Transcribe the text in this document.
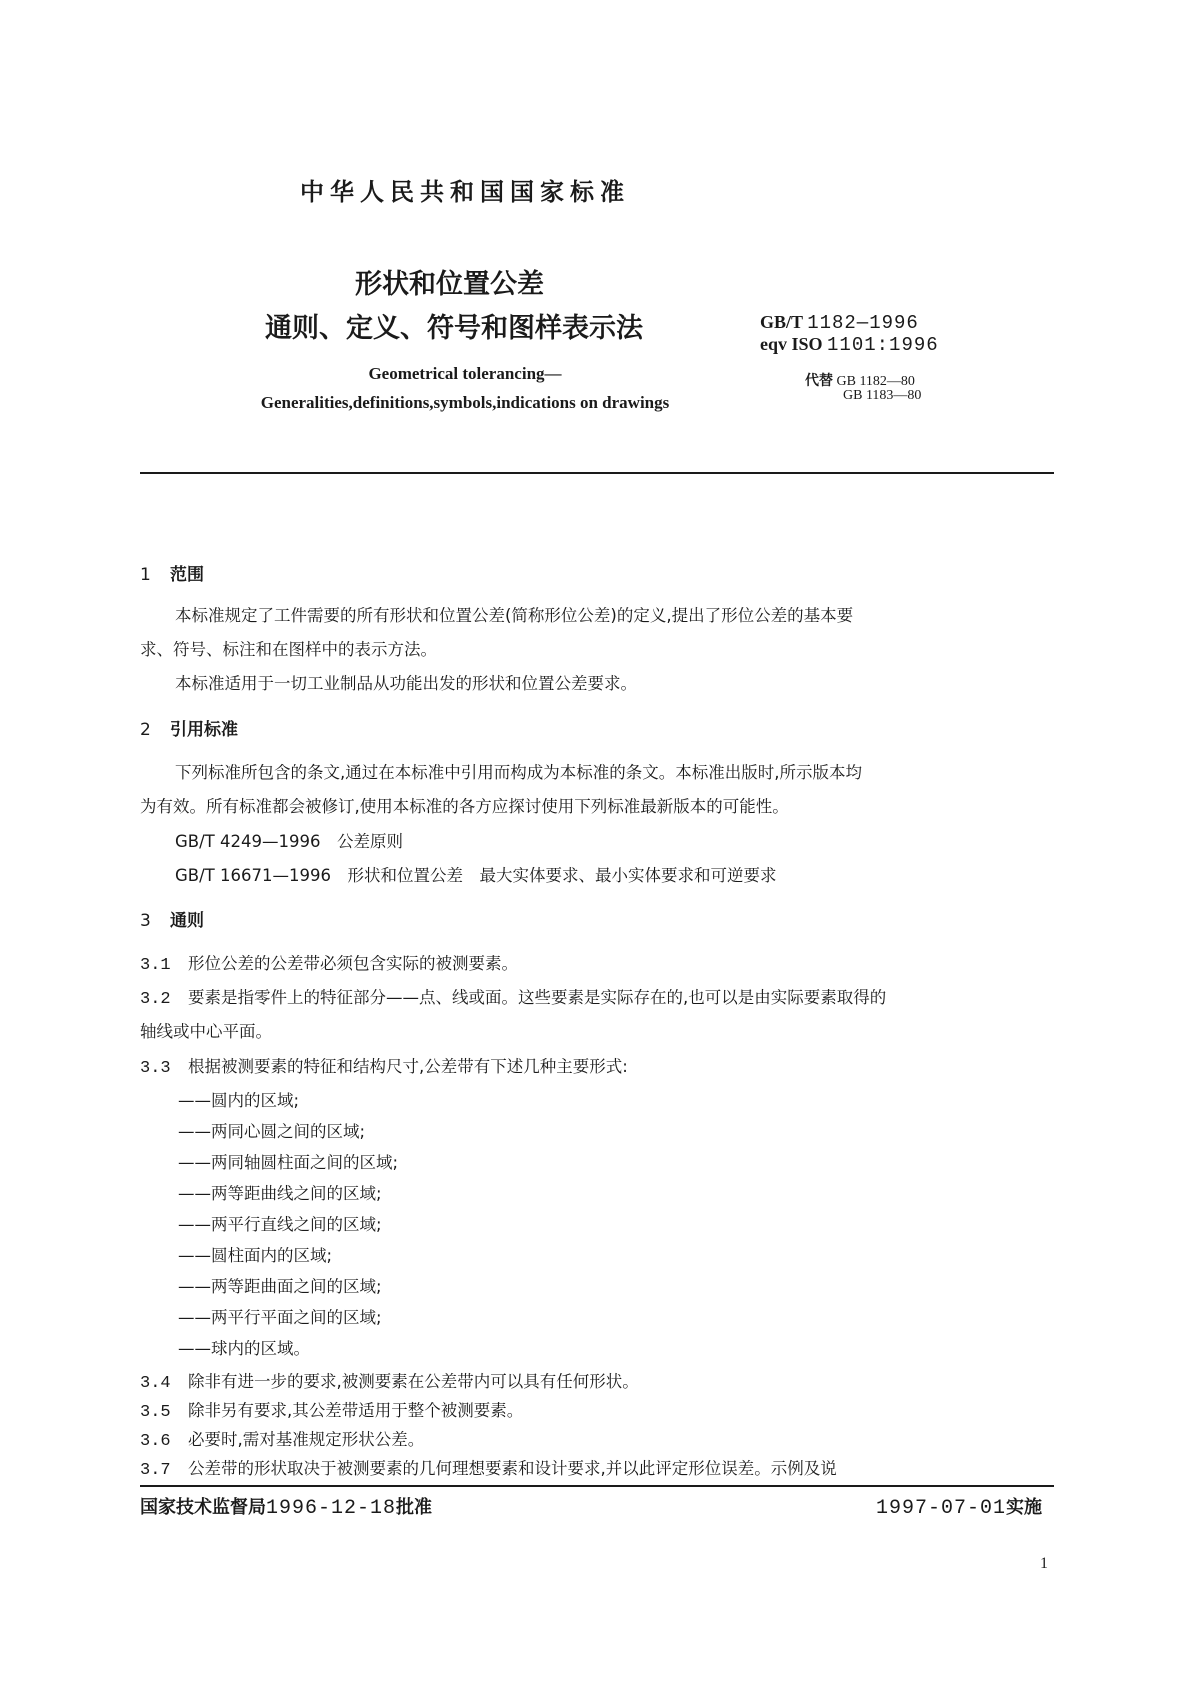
中华人民共和国国家标准
形状和位置公差
通则、定义、符号和图样表示法
Geometrical tolerancing—
Generalities,definitions,symbols,indications on drawings
GB/T 1182—1996
eqv ISO 1101:1996
代替 GB 1182—80
GB 1183—80
1 范围
本标准规定了工件需要的所有形状和位置公差(简称形位公差)的定义,提出了形位公差的基本要
求、符号、标注和在图样中的表示方法。
本标准适用于一切工业制品从功能出发的形状和位置公差要求。
2 引用标准
下列标准所包含的条文,通过在本标准中引用而构成为本标准的条文。本标准出版时,所示版本均
为有效。所有标准都会被修订,使用本标准的各方应探讨使用下列标准最新版本的可能性。
GB/T 4249—1996　公差原则
GB/T 16671—1996　形状和位置公差　最大实体要求、最小实体要求和可逆要求
3 通则
3.1 形位公差的公差带必须包含实际的被测要素。
3.2 要素是指零件上的特征部分——点、线或面。这些要素是实际存在的,也可以是由实际要素取得的
轴线或中心平面。
3.3 根据被测要素的特征和结构尺寸,公差带有下述几种主要形式:
——圆内的区域;
——两同心圆之间的区域;
——两同轴圆柱面之间的区域;
——两等距曲线之间的区域;
——两平行直线之间的区域;
——圆柱面内的区域;
——两等距曲面之间的区域;
——两平行平面之间的区域;
——球内的区域。
3.4 除非有进一步的要求,被测要素在公差带内可以具有任何形状。
3.5 除非另有要求,其公差带适用于整个被测要素。
3.6 必要时,需对基准规定形状公差。
国家技术监督局1996-12-18批准	1997-07-01实施
1
3.7 公差带的形状取决于被测要素的几何理想要素和设计要求,并以此评定形位误差。示例及说
